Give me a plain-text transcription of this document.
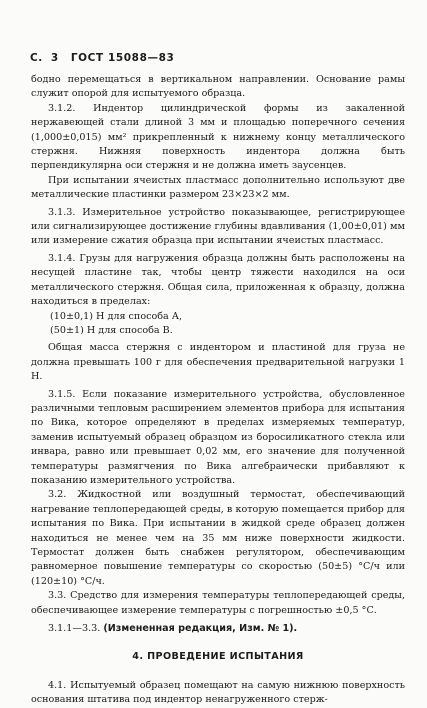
С. 3 ГОСТ 15088—83

бодно перемещаться в вертикальном направлении. Основание рамы служит опорой для испытуемого образца.

3.1.2. Индентор цилиндрической формы из закаленной нержавеющей стали длиной 3 мм и площадью поперечного сечения (1,000±0,015) мм² прикрепленный к нижнему концу металлического стержня. Нижняя поверхность индентора должна быть перпендикулярна оси стержня и не должна иметь заусенцев.

При испытании ячеистых пластмасс дополнительно используют две металлические пластинки размером 23×23×2 мм.

3.1.3. Измерительное устройство показывающее, регистрирующее или сигнализирующее достижение глубины вдавливания (1,00±0,01) мм или измерение сжатия образца при испытании ячеистых пластмасс.

3.1.4. Грузы для нагружения образца должны быть расположены на несущей пластине так, чтобы центр тяжести находился на оси металлического стержня. Общая сила, приложенная к образцу, должна находиться в пределах:

(10±0,1) Н для способа А,

(50±1) Н для способа В.

Общая масса стержня с индентором и пластиной для груза не должна превышать 100 г для обеспечения предварительной нагрузки 1 Н.

3.1.5. Если показание измерительного устройства, обусловленное различными тепловым расширением элементов прибора для испытания по Вика, которое определяют в пределах измеряемых температур, заменив испытуемый образец образцом из боросиликатного стекла или инвара, равно или превышает 0,02 мм, его значение для полученной температуры размягчения по Вика алгебраически прибавляют к показанию измерительного устройства.

3.2. Жидкостной или воздушный термостат, обеспечивающий нагревание теплопередающей среды, в которую помещается прибор для испытания по Вика. При испытании в жидкой среде образец должен находиться не менее чем на 35 мм ниже поверхности жидкости. Термостат должен быть снабжен регулятором, обеспечивающим равномерное повышение температуры со скоростью (50±5) °С/ч или (120±10) °С/ч.

3.3. Средство для измерения температуры теплопередающей среды, обеспечивающее измерение температуры с погрешностью ±0,5 °С.

3.1.1—3.3. (Измененная редакция, Изм. № 1).

4. ПРОВЕДЕНИЕ ИСПЫТАНИЯ

4.1. Испытуемый образец помещают на самую нижнюю поверхность основания штатива под индентор ненагруженного стерж-
